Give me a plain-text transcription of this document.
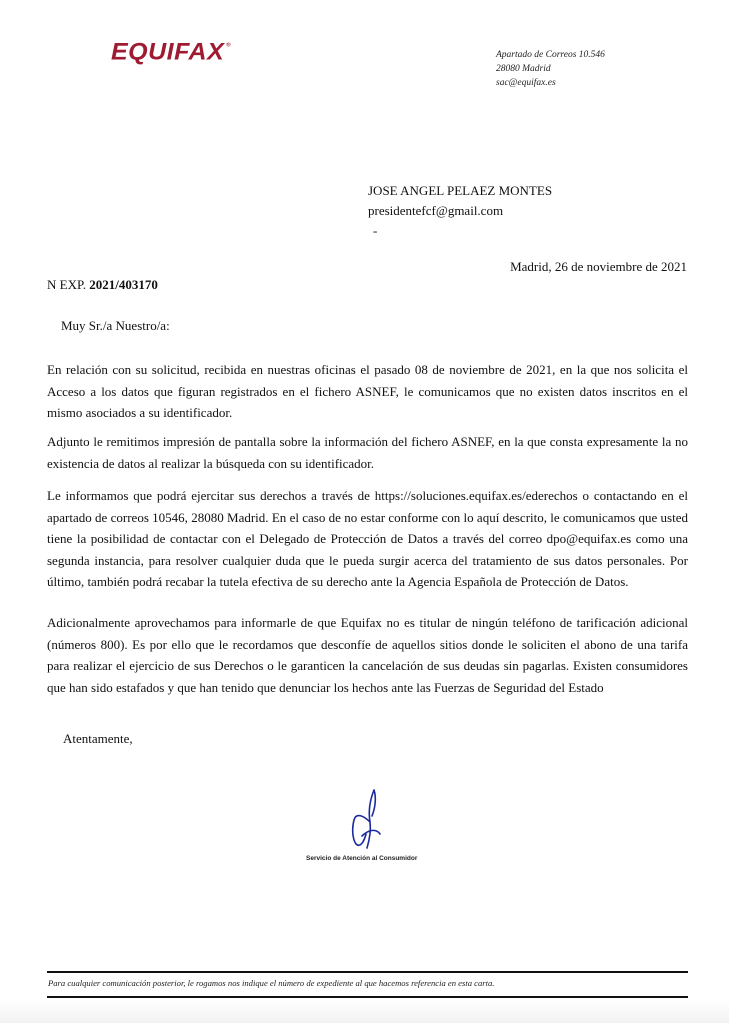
EQUIFAX ®
Apartado de Correos 10.546
28080 Madrid
sac@equifax.es
JOSE ANGEL PELAEZ MONTES
presidentefcf@gmail.com
-
Madrid, 26 de noviembre de 2021
N EXP. 2021/403170
Muy Sr./a Nuestro/a:
En relación con su solicitud, recibida en nuestras oficinas el pasado 08 de noviembre de 2021, en la que nos solicita el Acceso a los datos que figuran registrados en el fichero ASNEF, le comunicamos que no existen datos inscritos en el mismo asociados a su identificador.
Adjunto le remitimos impresión de pantalla sobre la información del fichero ASNEF, en la que consta expresamente la no existencia de datos al realizar la búsqueda con su identificador.
Le informamos que podrá ejercitar sus derechos a través de https://soluciones.equifax.es/ederechos o contactando en el apartado de correos 10546, 28080 Madrid. En el caso de no estar conforme con lo aquí descrito, le comunicamos que usted tiene la posibilidad de contactar con el Delegado de Protección de Datos a través del correo dpo@equifax.es como una segunda instancia, para resolver cualquier duda que le pueda surgir acerca del tratamiento de sus datos personales. Por último, también podrá recabar la tutela efectiva de su derecho ante la Agencia Española de Protección de Datos.
Adicionalmente aprovechamos para informarle de que Equifax no es titular de ningún teléfono de tarificación adicional (números 800). Es por ello que le recordamos que desconfíe de aquellos sitios donde le soliciten el abono de una tarifa para realizar el ejercicio de sus Derechos o le garanticen la cancelación de sus deudas sin pagarlas. Existen consumidores que han sido estafados y que han tenido que denunciar los hechos ante las Fuerzas de Seguridad del Estado
Atentamente,
Servicio de Atención al Consumidor
Para cualquier comunicación posterior, le rogamos nos indique el número de expediente al que hacemos referencia en esta carta.
